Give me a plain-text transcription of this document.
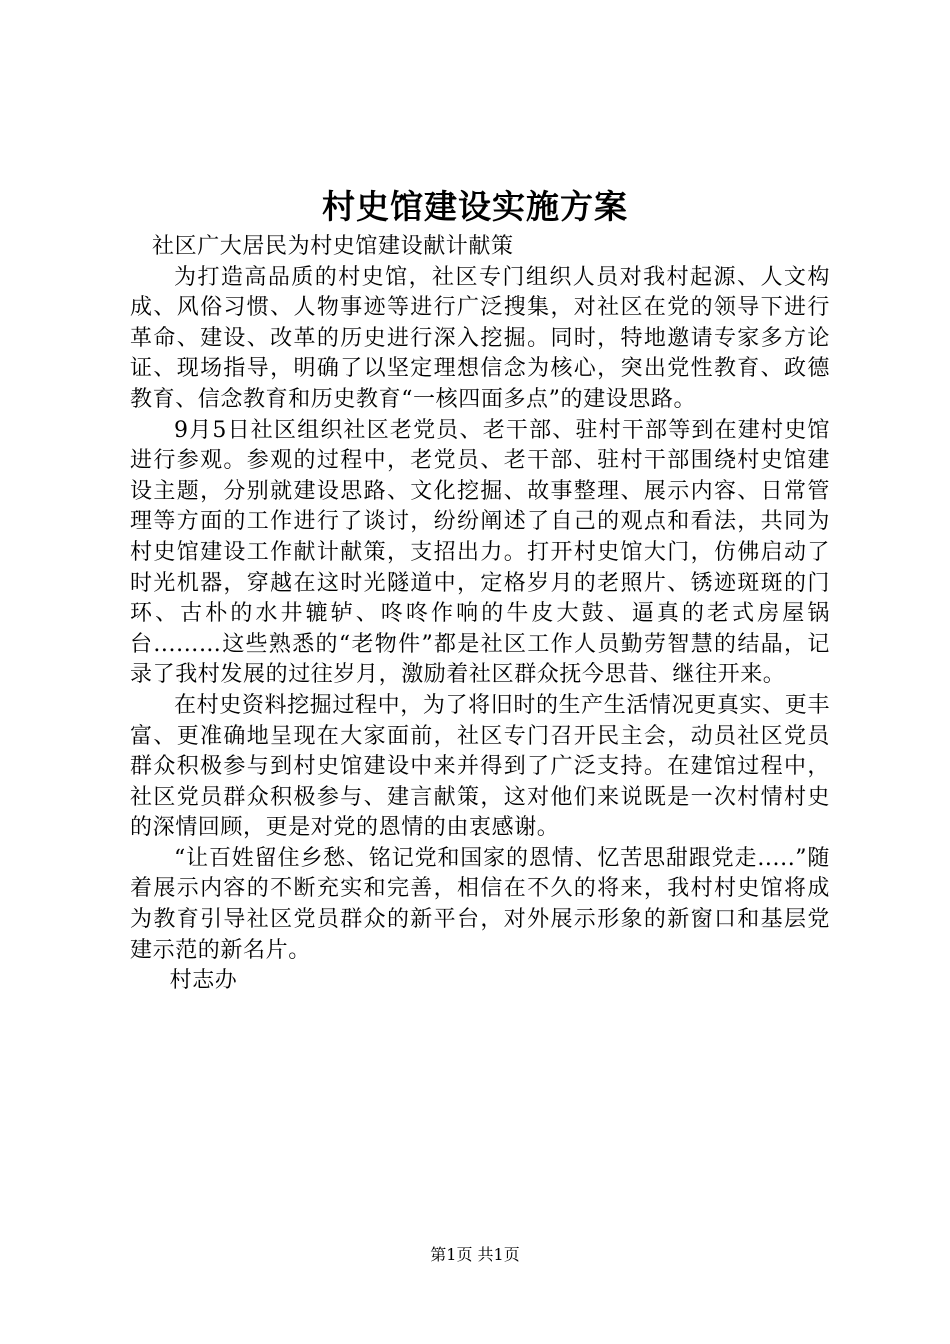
村史馆建设实施方案

社区广大居民为村史馆建设献计献策

为打造高品质的村史馆，社区专门组织人员对我村起源、人文构成、风俗习惯、人物事迹等进行广泛搜集，对社区在党的领导下进行革命、建设、改革的历史进行深入挖掘。同时，特地邀请专家多方论证、现场指导，明确了以坚定理想信念为核心，突出党性教育、政德教育、信念教育和历史教育“一核四面多点”的建设思路。

9月5日社区组织社区老党员、老干部、驻村干部等到在建村史馆进行参观。参观的过程中，老党员、老干部、驻村干部围绕村史馆建设主题，分别就建设思路、文化挖掘、故事整理、展示内容、日常管理等方面的工作进行了谈讨，纷纷阐述了自己的观点和看法，共同为村史馆建设工作献计献策，支招出力。打开村史馆大门，仿佛启动了时光机器，穿越在这时光隧道中，定格岁月的老照片、锈迹斑斑的门环、古朴的水井辘轳、咚咚作响的牛皮大鼓、逼真的老式房屋锅台......…这些熟悉的“老物件”都是社区工作人员勤劳智慧的结晶，记录了我村发展的过往岁月，激励着社区群众抚今思昔、继往开来。

在村史资料挖掘过程中，为了将旧时的生产生活情况更真实、更丰富、更准确地呈现在大家面前，社区专门召开民主会，动员社区党员群众积极参与到村史馆建设中来并得到了广泛支持。在建馆过程中，社区党员群众积极参与、建言献策，这对他们来说既是一次村情村史的深情回顾，更是对党的恩情的由衷感谢。

“让百姓留住乡愁、铭记党和国家的恩情、忆苦思甜跟党走.....”随着展示内容的不断充实和完善，相信在不久的将来，我村村史馆将成为教育引导社区党员群众的新平台，对外展示形象的新窗口和基层党建示范的新名片。

村志办

第1页 共1页
